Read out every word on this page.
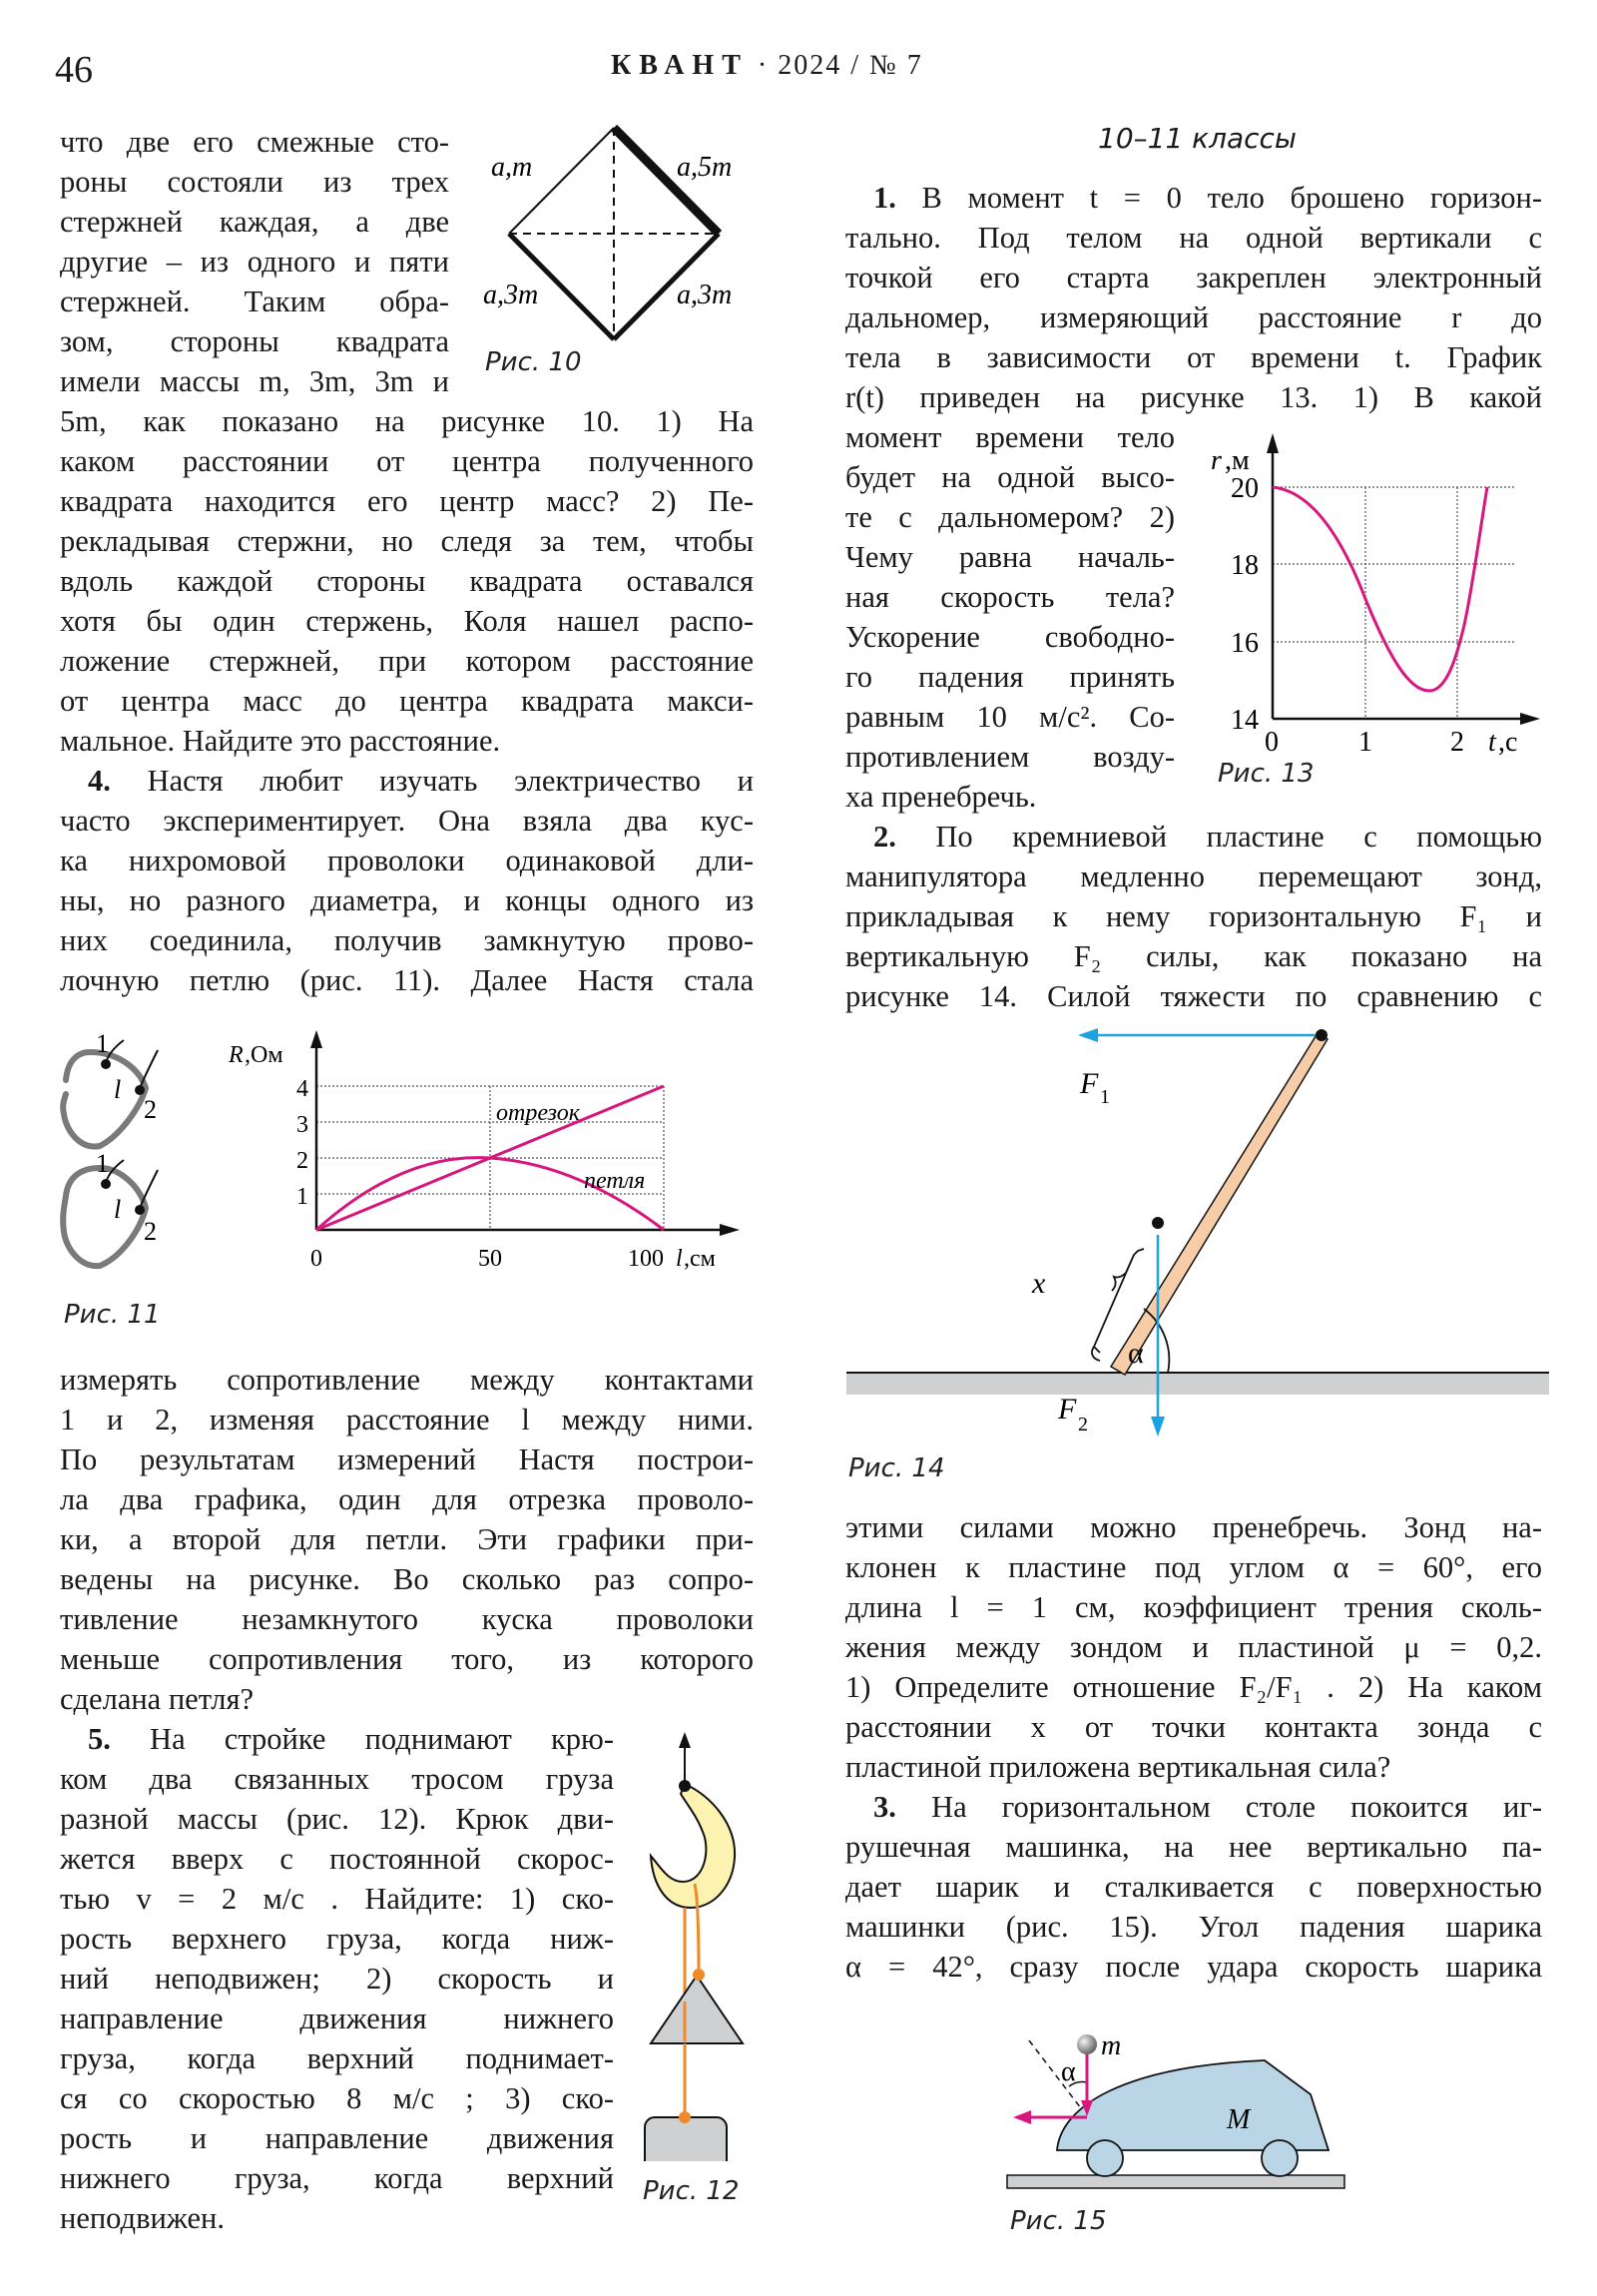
46	КВАНТ · 2024 / № 7
что две его смежные сто-
роны состояли из трех
стержней каждая, а две
другие – из одного и пяти
стержней. Таким обра-
зом, стороны квадрата
имели массы m, 3m, 3m и
a,m	a,5m
a,3m	a,3m
Рис. 10
5m, как показано на рисунке 10. 1) На
каком расстоянии от центра полученного
квадрата находится его центр масс? 2) Пе-
рекладывая стержни, но следя за тем, чтобы
вдоль каждой стороны квадрата оставался
хотя бы один стержень, Коля нашел распо-
ложение стержней, при котором расстояние
от центра масс до центра квадрата макси-
мальное. Найдите это расстояние.
4. Настя любит изучать электричество и
часто экспериментирует. Она взяла два кус-
ка нихромовой проволоки одинаковой дли-
ны, но разного диаметра, и концы одного из
них соединила, получив замкнутую прово-
лочную петлю (рис. 11). Далее Настя стала
1
2
l
1
2
l
Рис. 11
R ,Ом
4
3
2
1
0	50	100 l ,см
отрезок
петля
измерять сопротивление между контактами
1 и 2, изменяя расстояние l между ними.
По результатам измерений Настя построи-
ла два графика, один для отрезка проволо-
ки, а второй для петли. Эти графики при-
ведены на рисунке. Во сколько раз сопро-
тивление незамкнутого куска проволоки
меньше сопротивления того, из которого
сделана петля?
5. На стройке поднимают крю-
ком два связанных тросом груза
разной массы (рис. 12). Крюк дви-
жется вверх с постоянной скорос-
тью v = 2 м/с . Найдите: 1) ско-
рость верхнего груза, когда ниж-
ний неподвижен; 2) скорость и
направление движения нижнего
груза, когда верхний поднимает-
ся со скоростью 8 м/с ; 3) ско-
рость и направление движения
нижнего груза, когда верхний
неподвижен.
Рис. 12
10–11 классы
1. В момент t = 0 тело брошено горизон-
тально. Под телом на одной вертикали с
точкой его старта закреплен электронный
дальномер, измеряющий расстояние r до
тела в зависимости от времени t. График
r(t) приведен на рисунке 13. 1) В какой
момент времени тело
будет на одной высо-
те с дальномером? 2)
Чему равна началь-
ная скорость тела?
Ускорение свободно-
го падения принять
равным 10 м/с². Со-
противлением возду-
ха пренебречь.
r ,м
20
18
16
14
0	1	2 t ,с
Рис. 13
2. По кремниевой пластине с помощью
манипулятора медленно перемещают зонд,
прикладывая к нему горизонтальную F₁ и
вертикальную F₂ силы, как показано на
рисунке 14. Силой тяжести по сравнению с
F
F
x
α
1
2
Рис. 14
этими силами можно пренебречь. Зонд на-
клонен к пластине под углом α = 60°, его
длина l = 1 см, коэффициент трения сколь-
жения между зондом и пластиной μ = 0,2.
1) Определите отношение F₂/F₁ . 2) На каком
расстоянии x от точки контакта зонда с
пластиной приложена вертикальная сила?
3. На горизонтальном столе покоится иг-
рушечная машинка, на нее вертикально па-
дает шарик и сталкивается с поверхностью
машинки (рис. 15). Угол падения шарика
α = 42°, сразу после удара скорость шарика
m
M
α
Рис. 15
